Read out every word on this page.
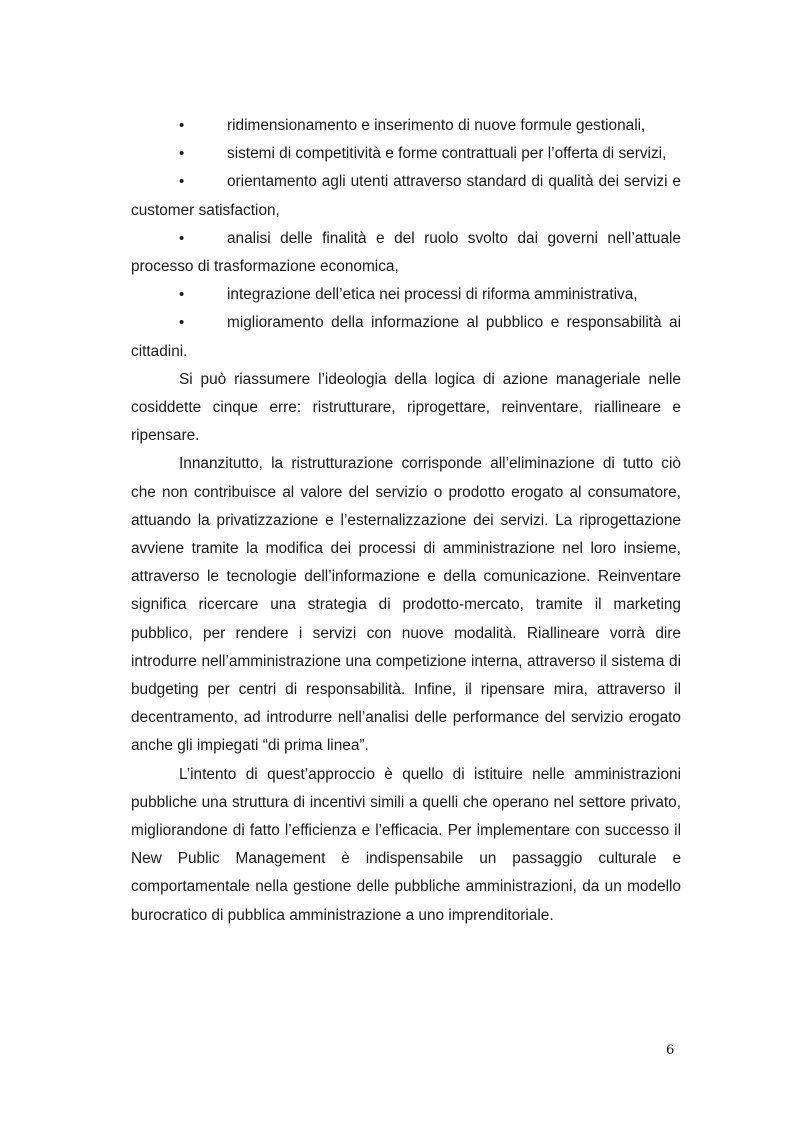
•	ridimensionamento e inserimento di nuove formule gestionali,

•	sistemi di competitività e forme contrattuali per l’offerta di servizi,

•	orientamento agli utenti attraverso standard di qualità dei servizi e customer satisfaction,

•	analisi delle finalità e del ruolo svolto dai governi nell’attuale processo di trasformazione economica,

•	integrazione dell’etica nei processi di riforma amministrativa,

•	miglioramento della informazione al pubblico e responsabilità ai cittadini.

Si può riassumere l’ideologia della logica di azione manageriale nelle cosiddette cinque erre: ristrutturare, riprogettare, reinventare, riallineare e ripensare.

Innanzitutto, la ristrutturazione corrisponde all’eliminazione di tutto ciò che non contribuisce al valore del servizio o prodotto erogato al consumatore, attuando la privatizzazione e l’esternalizzazione dei servizi. La riprogettazione avviene tramite la modifica dei processi di amministrazione nel loro insieme, attraverso le tecnologie dell’informazione e della comunicazione. Reinventare significa ricercare una strategia di prodotto-mercato, tramite il marketing pubblico, per rendere i servizi con nuove modalità. Riallineare vorrà dire introdurre nell’amministrazione una competizione interna, attraverso il sistema di budgeting per centri di responsabilità. Infine, il ripensare mira, attraverso il decentramento, ad introdurre nell’analisi delle performance del servizio erogato anche gli impiegati “di prima linea”.

L’intento di quest’approccio è quello di istituire nelle amministrazioni pubbliche una struttura di incentivi simili a quelli che operano nel settore privato, migliorandone di fatto l’efficienza e l’efficacia. Per implementare con successo il New Public Management è indispensabile un passaggio culturale e comportamentale nella gestione delle pubbliche amministrazioni, da un modello burocratico di pubblica amministrazione a uno imprenditoriale.

6
